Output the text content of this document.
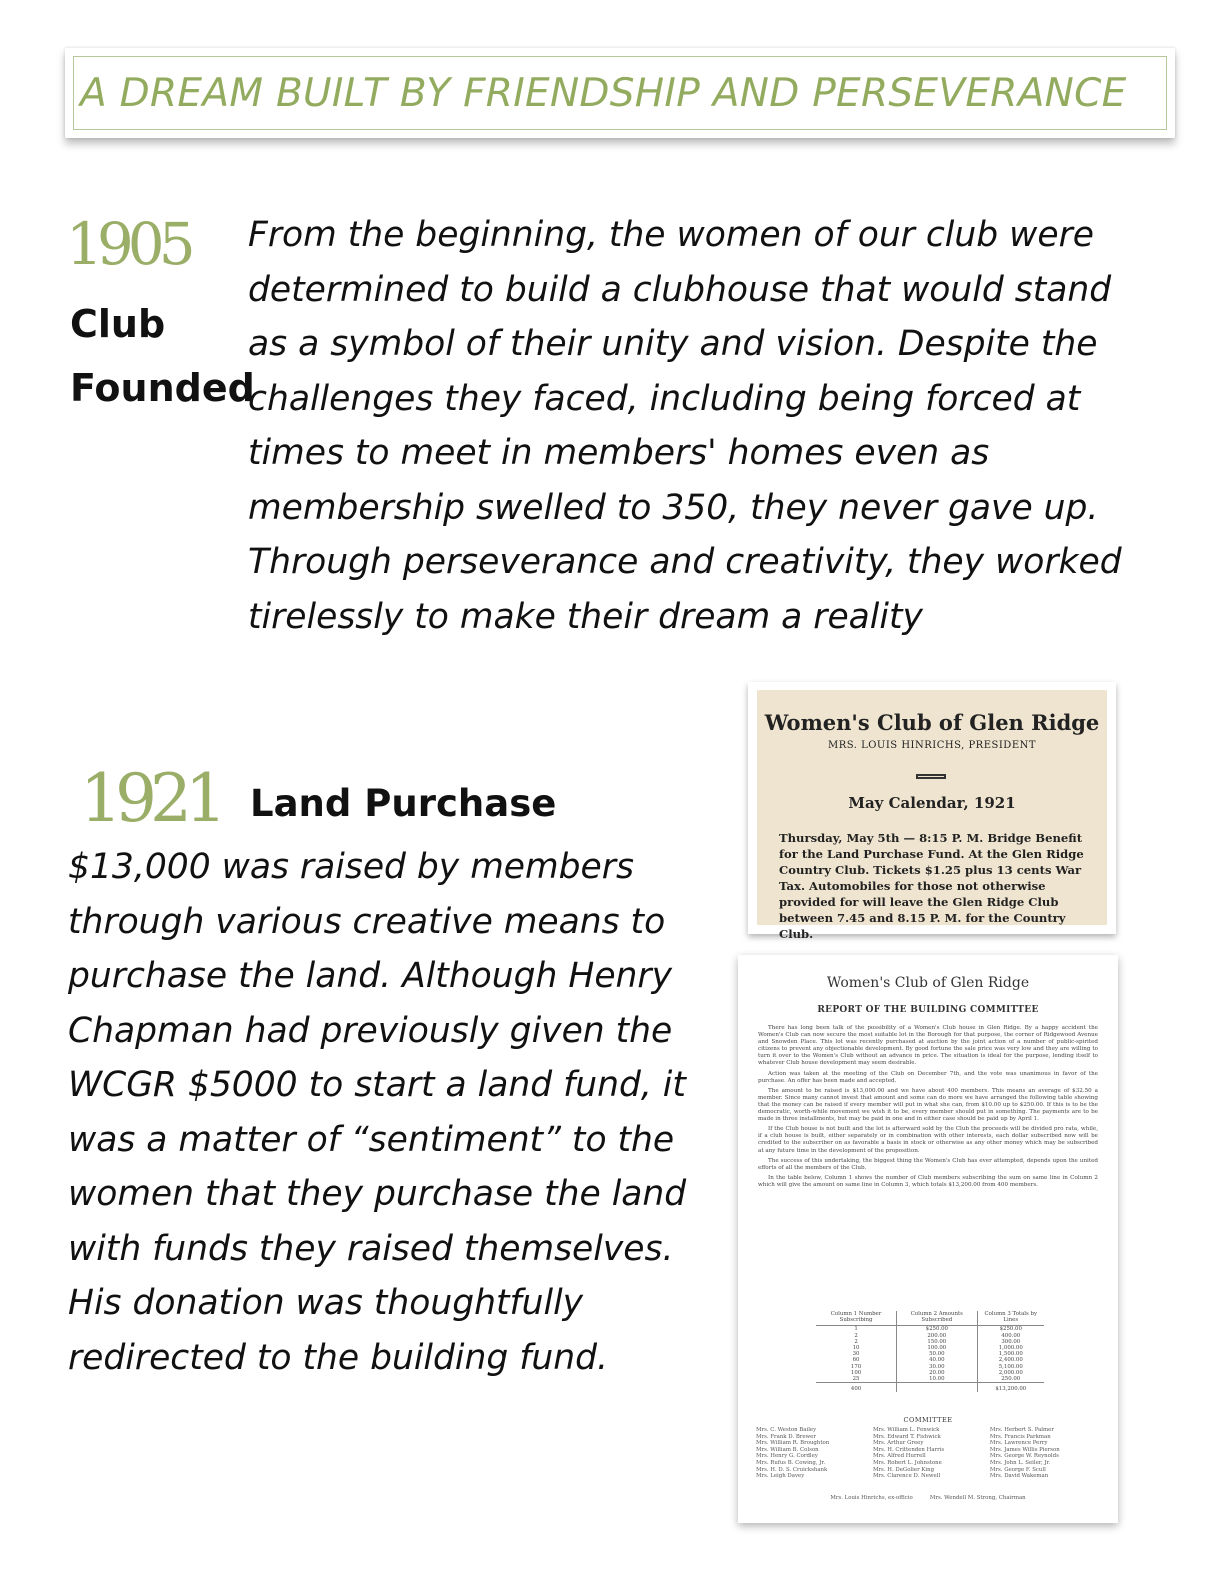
A DREAM BUILT BY FRIENDSHIP AND PERSEVERANCE
1905
Club
Founded
From the beginning, the women of our club were determined to build a clubhouse that would stand as a symbol of their unity and vision. Despite the challenges they faced, including being forced at times to meet in members' homes even as membership swelled to 350, they never gave up. Through perseverance and creativity, they worked tirelessly to make their dream a reality
1921 Land Purchase
$13,000 was raised by members through various creative means to purchase the land. Although Henry Chapman had previously given the WCGR $5000 to start a land fund, it was a matter of “sentiment” to the women that they purchase the land with funds they raised themselves. His donation was thoughtfully redirected to the building fund.
Women's Club of Glen Ridge
MRS. LOUIS HINRICHS, PRESIDENT
May Calendar, 1921
Thursday, May 5th — 8:15 P. M. Bridge Benefit for the Land Purchase Fund. At the Glen Ridge Country Club. Tickets $1.25 plus 13 cents War Tax. Automobiles for those not otherwise provided for will leave the Glen Ridge Club between 7.45 and 8.15 P. M. for the Country Club.
Women's Club of Glen Ridge
REPORT OF THE BUILDING COMMITTEE

There has long been talk of the possibility of a Women's Club house in Glen Ridge. By a happy accident the Women's Club can now secure the most suitable lot in the Borough for that purpose, the corner of Ridgewood Avenue and Snowden Place. This lot was recently purchased at auction by the joint action of a number of public-spirited citizens to prevent any objectionable development. By good fortune the sale price was very low and they are willing to turn it over to the Women's Club without an advance in price. The situation is ideal for the purpose, lending itself to whatever Club house development may seem desirable.

Action was taken at the meeting of the Club on December 7th, and the vote was unanimous in favor of the purchase. An offer has been made and accepted.

The amount to be raised is $13,000.00 and we have about 400 members. This means an average of $32.50 a member. Since many cannot invest that amount and some can do more we have arranged the following table showing that the money can be raised if every member will put in what she can, from $10.00 up to $250.00. If this is to be the democratic, worth-while movement we wish it to be, every member should put in something. The payments are to be made in three installments, but may be paid in one and in either case should be paid up by April 1.

If the Club house is not built and the lot is afterward sold by the Club the proceeds will be divided pro rata, while, if a club house is built, either separately or in combination with other interests, each dollar subscribed now will be credited to the subscriber on as favorable a basis in stock or otherwise as any other money which may be subscribed at any future time in the development of the proposition.

The success of this undertaking, the biggest thing the Women's Club has ever attempted, depends upon the united efforts of all the members of the Club.

In the table below, Column 1 shows the number of Club members subscribing the sum on same line in Column 2 which will give the amount on same line in Column 3, which totals $13,200.00 from 400 members.

Column 1 Number Subscribing	Column 2 Amounts Subscribed	Column 3 Totals by Lines
1	$250.00	$250.00
2	200.00	400.00
2	150.00	300.00
10	100.00	1,000.00
30	50.00	1,500.00
60	40.00	2,400.00
170	30.00	5,100.00
100	20.00	2,000.00
25	10.00	250.00
400		$13,200.00
COMMITTEE
Mrs. C. Weston Bailey
Mrs. Frank D. Brewer
Mrs. William R. Broughton
Mrs. William B. Colson
Mrs. Henry G. Cordley
Mrs. Rufus B. Cowing, Jr.
Mrs. H. D. S. Cruickshank
Mrs. Leigh Davey
Mrs. William L. Fenwick
Mrs. Edward T. Fishwick
Mrs. Arthur Greey
Mrs. H. Crittenden Harris
Mrs. Alfred Hurrell
Mrs. Robert L. Johnstone
Mrs. H. DeGolier King
Mrs. Clarence D. Newell
Mrs. Herbert S. Palmer
Mrs. Francis Parkman
Mrs. Lawrence Perry
Mrs. James Willis Pierson
Mrs. George W. Reynolds
Mrs. John L. Seiler, Jr.
Mrs. George F. Scull
Mrs. David Wakeman
Mrs. Louis Hinrichs, ex-officio          Mrs. Wendell M. Strong, Chairman
